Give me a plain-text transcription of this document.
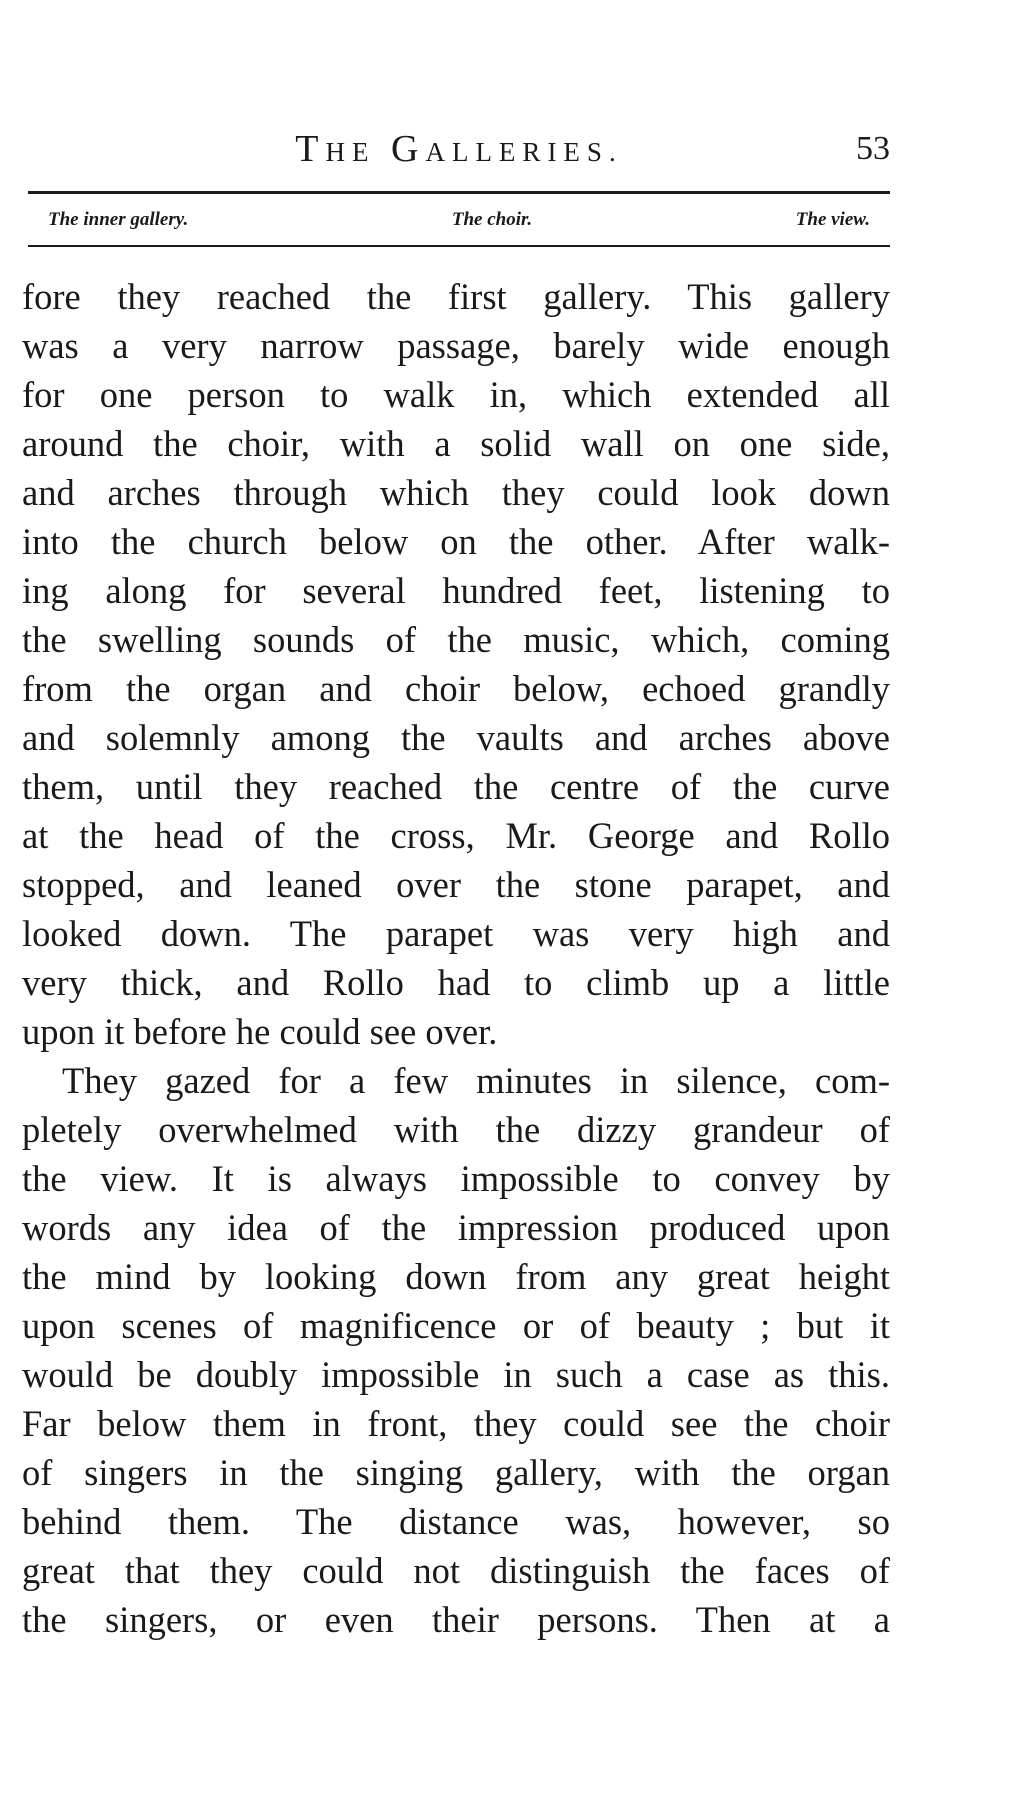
THE GALLERIES.	53
The inner gallery.	The choir.	The view.
fore they reached the first gallery. This gallery
was a very narrow passage, barely wide enough
for one person to walk in, which extended all
around the choir, with a solid wall on one side,
and arches through which they could look down
into the church below on the other. After walk-
ing along for several hundred feet, listening to
the swelling sounds of the music, which, coming
from the organ and choir below, echoed grandly
and solemnly among the vaults and arches above
them, until they reached the centre of the curve
at the head of the cross, Mr. George and Rollo
stopped, and leaned over the stone parapet, and
looked down. The parapet was very high and
very thick, and Rollo had to climb up a little
upon it before he could see over.
They gazed for a few minutes in silence, com-
pletely overwhelmed with the dizzy grandeur of
the view. It is always impossible to convey by
words any idea of the impression produced upon
the mind by looking down from any great height
upon scenes of magnificence or of beauty ; but it
would be doubly impossible in such a case as this.
Far below them in front, they could see the choir
of singers in the singing gallery, with the organ
behind them. The distance was, however, so
great that they could not distinguish the faces of
the singers, or even their persons. Then at a
